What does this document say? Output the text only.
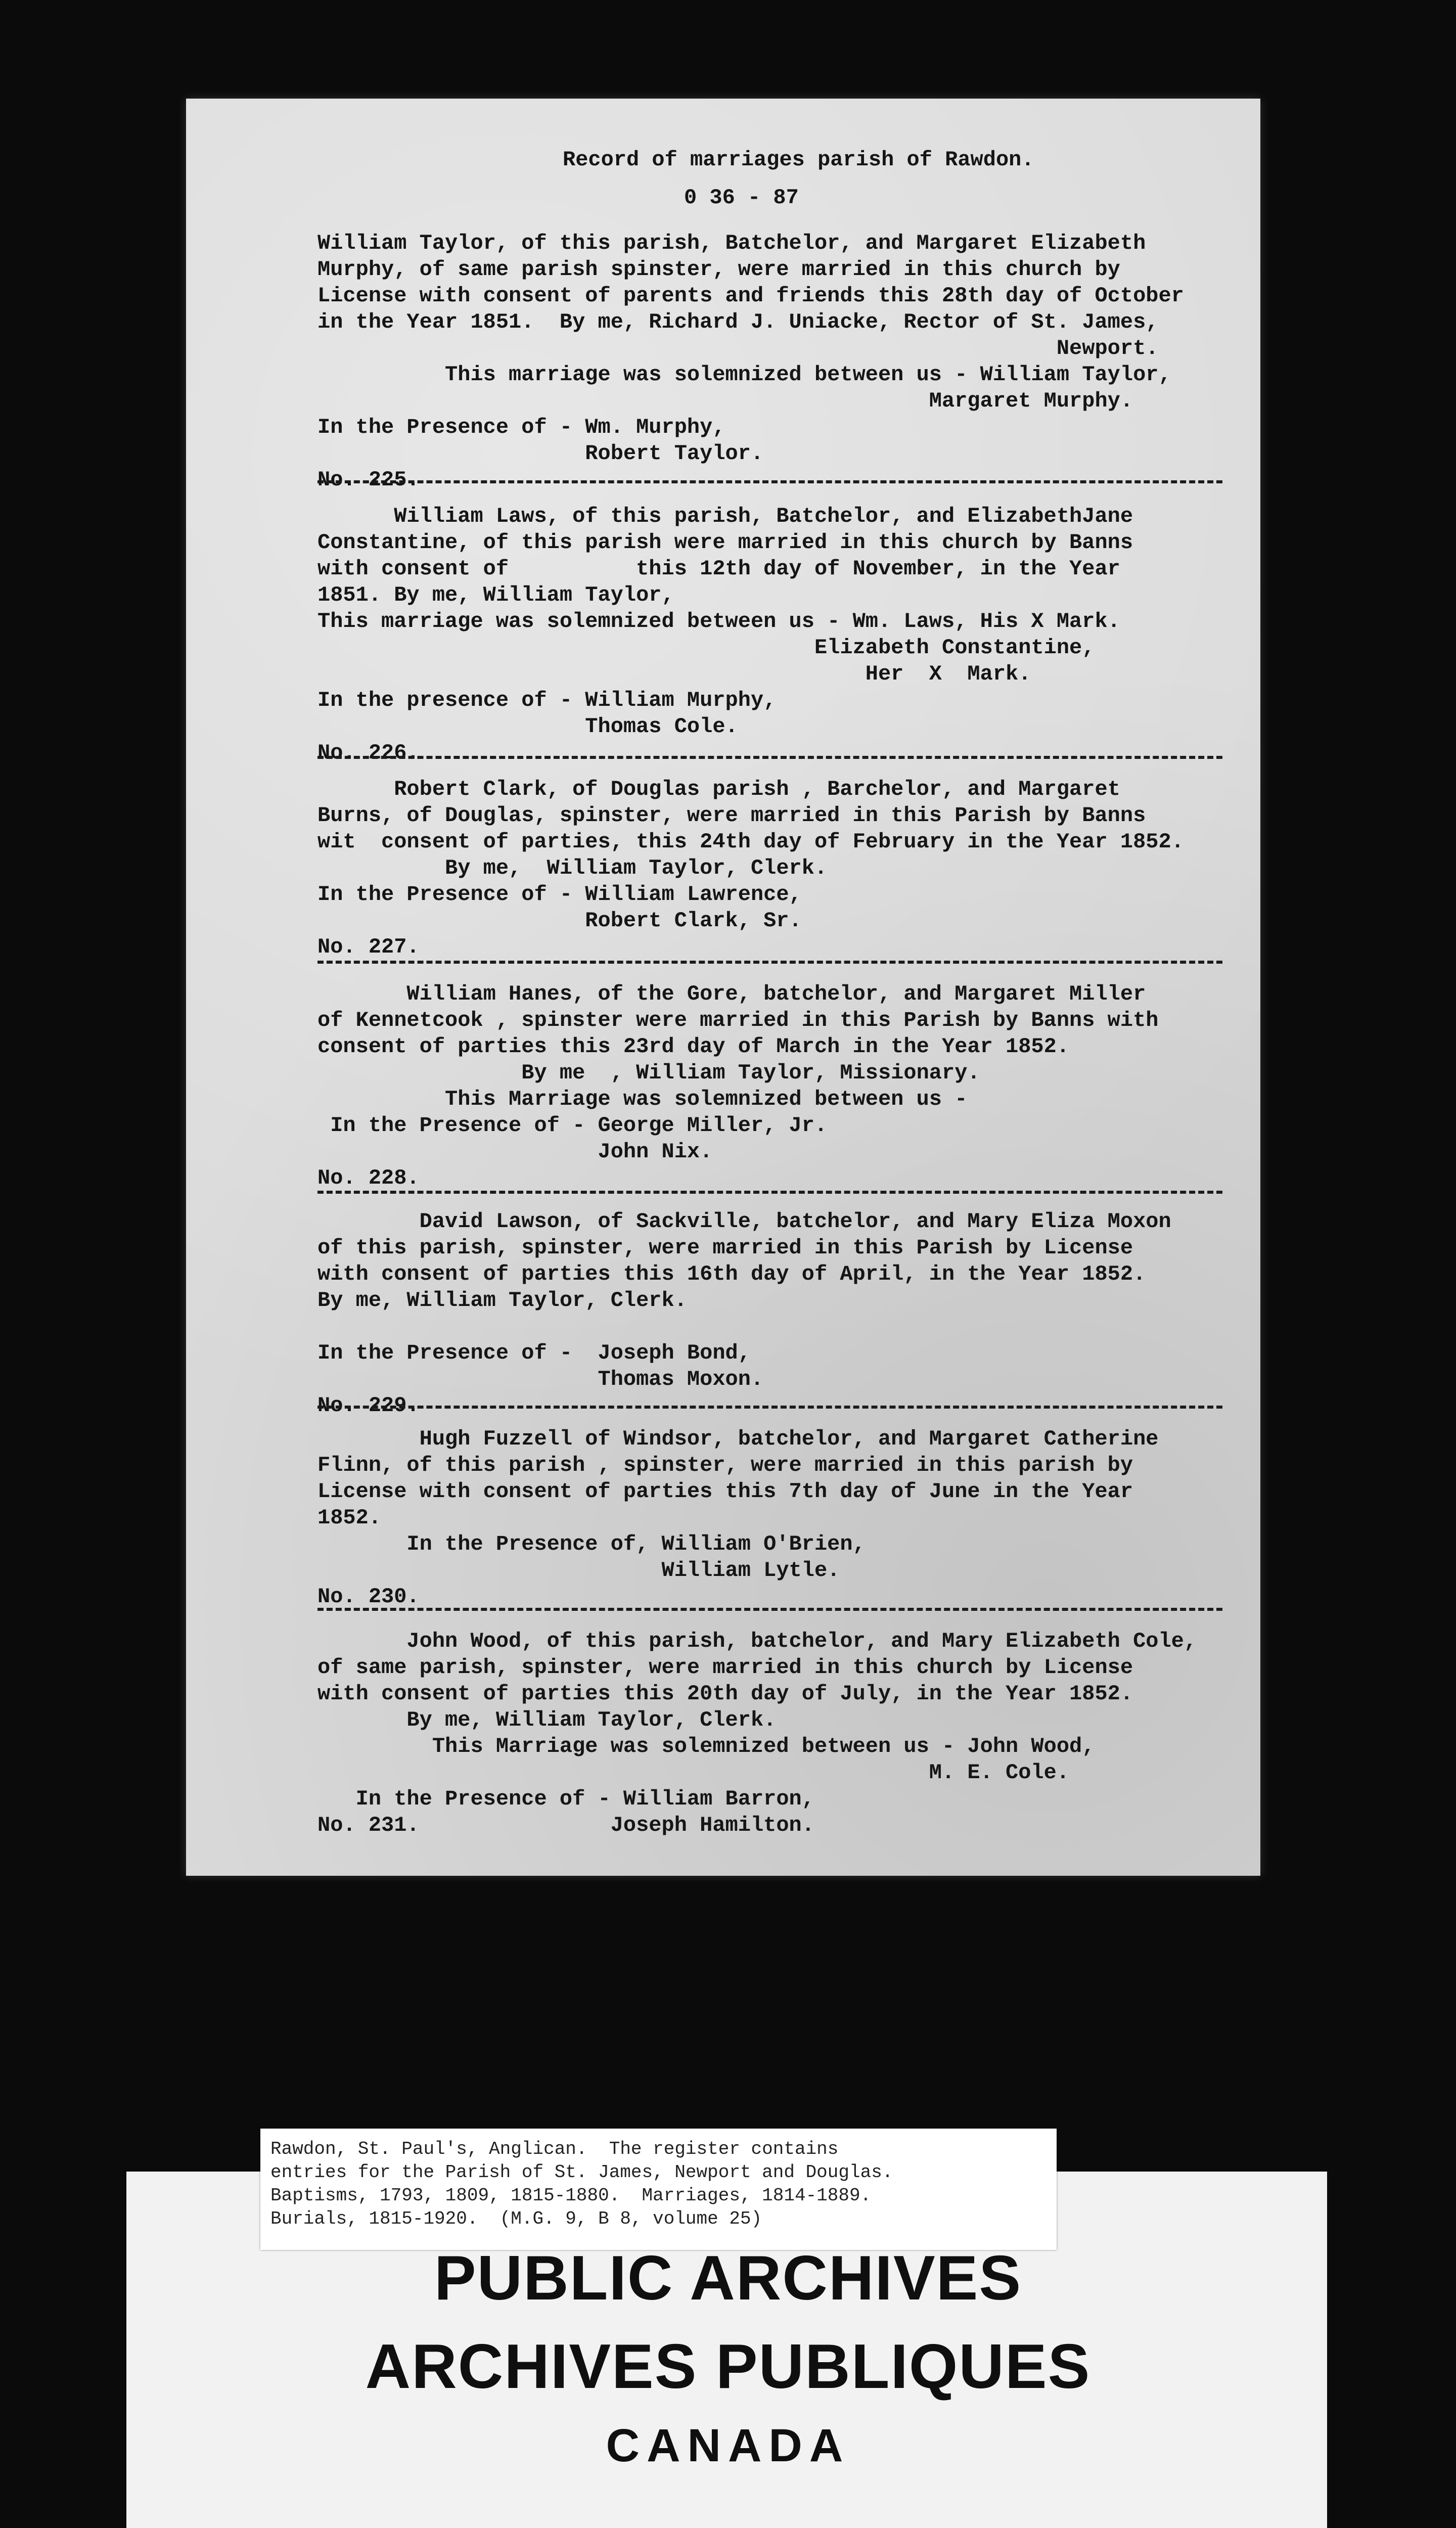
Record of marriages parish of Rawdon.

0 36 - 87

William Taylor, of this parish, Batchelor, and Margaret Elizabeth
Murphy, of same parish spinster, were married in this church by
License with consent of parents and friends this 28th day of October
in the Year 1851.  By me, Richard J. Uniacke, Rector of St. James,
Newport.
This marriage was solemnized between us - William Taylor,
Margaret Murphy.
In the Presence of - Wm. Murphy,
Robert Taylor.
No. 225.

William Laws, of this parish, Batchelor, and ElizabethJane
Constantine, of this parish were married in this church by Banns
with consent of          this 12th day of November, in the Year
1851. By me, William Taylor,
This marriage was solemnized between us - Wm. Laws, His X Mark.
Elizabeth Constantine,
Her  X  Mark.
In the presence of - William Murphy,
Thomas Cole.
No. 226.

Robert Clark, of Douglas parish , Barchelor, and Margaret
Burns, of Douglas, spinster, were married in this Parish by Banns
wit  consent of parties, this 24th day of February in the Year 1852.
By me,  William Taylor, Clerk.
In the Presence of - William Lawrence,
Robert Clark, Sr.
No. 227.

William Hanes, of the Gore, batchelor, and Margaret Miller
of Kennetcook , spinster were married in this Parish by Banns with
consent of parties this 23rd day of March in the Year 1852.
By me  , William Taylor, Missionary.
This Marriage was solemnized between us -
In the Presence of - George Miller, Jr.
John Nix.
No. 228.

David Lawson, of Sackville, batchelor, and Mary Eliza Moxon
of this parish, spinster, were married in this Parish by License
with consent of parties this 16th day of April, in the Year 1852.
By me, William Taylor, Clerk.

In the Presence of -  Joseph Bond,
Thomas Moxon.
No. 229.

Hugh Fuzzell of Windsor, batchelor, and Margaret Catherine
Flinn, of this parish , spinster, were married in this parish by
License with consent of parties this 7th day of June in the Year
1852.
In the Presence of, William O'Brien,
William Lytle.
No. 230.

John Wood, of this parish, batchelor, and Mary Elizabeth Cole,
of same parish, spinster, were married in this church by License
with consent of parties this 20th day of July, in the Year 1852.
By me, William Taylor, Clerk.
This Marriage was solemnized between us - John Wood,
M. E. Cole.
In the Presence of - William Barron,
No. 231.               Joseph Hamilton.

Rawdon, St. Paul's, Anglican.  The register contains
entries for the Parish of St. James, Newport and Douglas.
Baptisms, 1793, 1809, 1815-1880.  Marriages, 1814-1889.
Burials, 1815-1920.  (M.G. 9, B 8, volume 25)

PUBLIC ARCHIVES

ARCHIVES PUBLIQUES

CANADA
